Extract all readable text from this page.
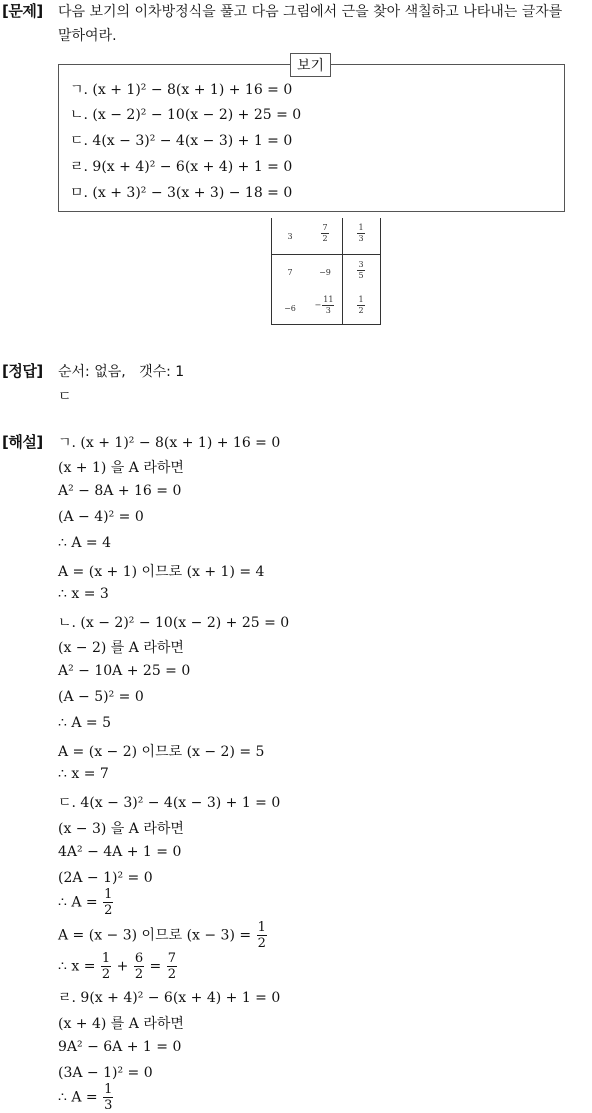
[문제] 다음 보기의 이차방정식을 풀고 다음 그림에서 근을 찾아 색칠하고 나타내는 글자를
말하여라.
보기
ㄱ. (x + 1)² − 8(x + 1) + 16 = 0
ㄴ. (x − 2)² − 10(x − 2) + 25 = 0
ㄷ. 4(x − 3)² − 4(x − 3) + 1 = 0
ㄹ. 9(x + 4)² − 6(x + 4) + 1 = 0
ㅁ. (x + 3)² − 3(x + 3) − 18 = 0
3	$\frac{7}{2}$	$\frac{1}{3}$
7	−9	$\frac{3}{5}$
−6	− $\frac{11}{3}$	$\frac{1}{2}$
[정답] 순서: 없음,   갯수: 1
ㄷ
[해설] ㄱ. (x + 1)² − 8(x + 1) + 16 = 0
(x + 1) 을 A 라하면
A² − 8A + 16 = 0
(A − 4)² = 0
∴ A = 4
A = (x + 1) 이므로 (x + 1) = 4
∴ x = 3
ㄴ. (x − 2)² − 10(x − 2) + 25 = 0
(x − 2) 를 A 라하면
A² − 10A + 25 = 0
(A − 5)² = 0
∴ A = 5
A = (x − 2) 이므로 (x − 2) = 5
∴ x = 7
ㄷ. 4(x − 3)² − 4(x − 3) + 1 = 0
(x − 3) 을 A 라하면
4A² − 4A + 1 = 0
(2A − 1)² = 0
∴ $A = \frac{1}{2}$
A = (x − 3) 이므로 $(x - 3) = \frac{1}{2}$
∴ $x = \frac{1}{2} + \frac{6}{2} = \frac{7}{2}$
ㄹ. 9(x + 4)² − 6(x + 4) + 1 = 0
(x + 4) 를 A 라하면
9A² − 6A + 1 = 0
(3A − 1)² = 0
∴ $A = \frac{1}{3}$
